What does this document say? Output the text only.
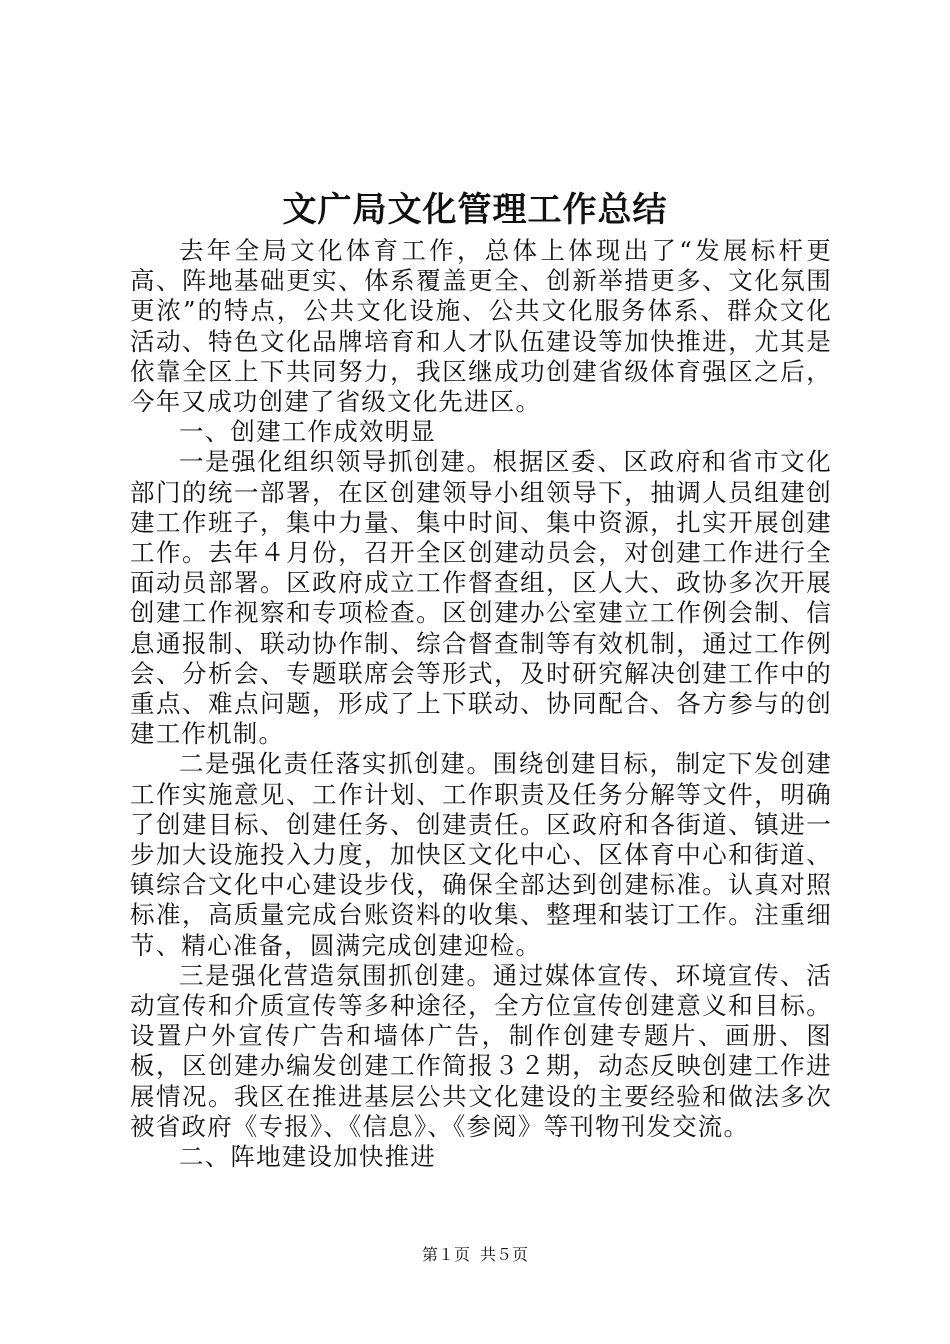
文广局文化管理工作总结

去年全局文化体育工作，总体上体现出了“发展标杆更高、阵地基础更实、体系覆盖更全、创新举措更多、文化氛围更浓”的特点，公共文化设施、公共文化服务体系、群众文化活动、特色文化品牌培育和人才队伍建设等加快推进，尤其是依靠全区上下共同努力，我区继成功创建省级体育强区之后，今年又成功创建了省级文化先进区。

一、创建工作成效明显

一是强化组织领导抓创建。根据区委、区政府和省市文化部门的统一部署，在区创建领导小组领导下，抽调人员组建创建工作班子，集中力量、集中时间、集中资源，扎实开展创建工作。去年４月份，召开全区创建动员会，对创建工作进行全面动员部署。区政府成立工作督查组，区人大、政协多次开展创建工作视察和专项检查。区创建办公室建立工作例会制、信息通报制、联动协作制、综合督查制等有效机制，通过工作例会、分析会、专题联席会等形式，及时研究解决创建工作中的重点、难点问题，形成了上下联动、协同配合、各方参与的创建工作机制。

二是强化责任落实抓创建。围绕创建目标，制定下发创建工作实施意见、工作计划、工作职责及任务分解等文件，明确了创建目标、创建任务、创建责任。区政府和各街道、镇进一步加大设施投入力度，加快区文化中心、区体育中心和街道、镇综合文化中心建设步伐，确保全部达到创建标准。认真对照标准，高质量完成台账资料的收集、整理和装订工作。注重细节、精心准备，圆满完成创建迎检。

三是强化营造氛围抓创建。通过媒体宣传、环境宣传、活动宣传和介质宣传等多种途径，全方位宣传创建意义和目标。设置户外宣传广告和墙体广告，制作创建专题片、画册、图板，区创建办编发创建工作简报３２期，动态反映创建工作进展情况。我区在推进基层公共文化建设的主要经验和做法多次被省政府《专报》、《信息》、《参阅》等刊物刊发交流。

二、阵地建设加快推进

第１页 共５页
